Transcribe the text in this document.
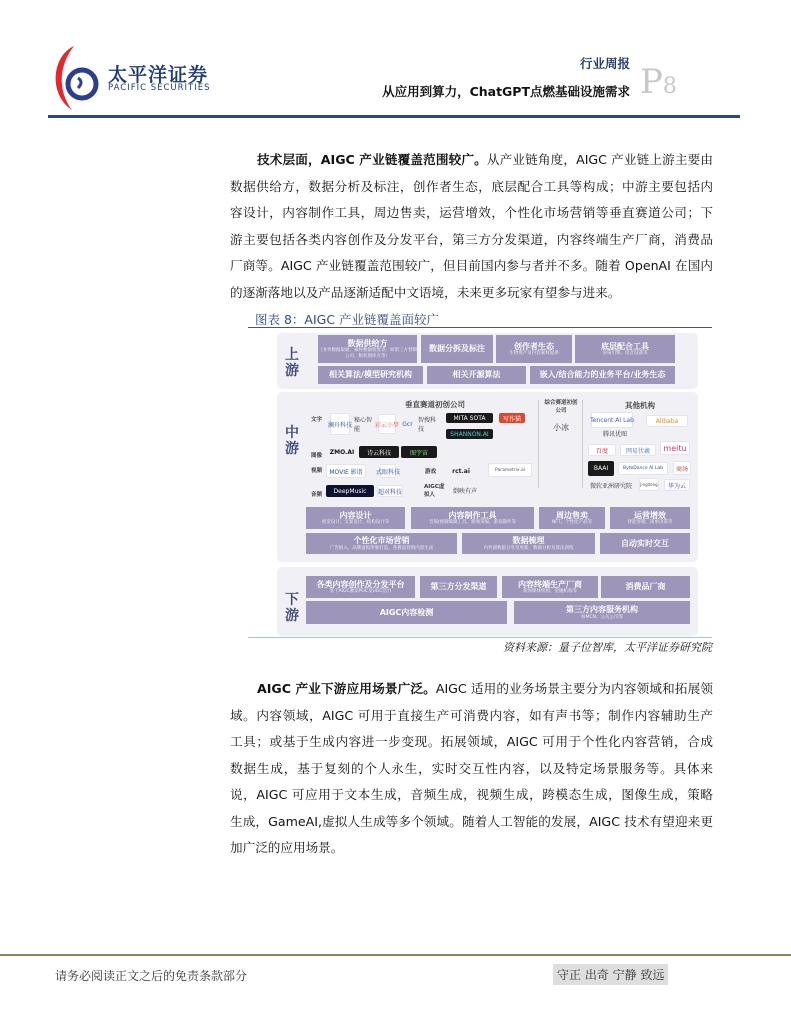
太平洋证券
PACIFIC SECURITIES
行业周报
从应用到算力，ChatGPT点燃基础设施需求 P8
技术层面，AIGC 产业链覆盖范围较广。从产业链角度，AIGC 产业链上游主要由
数据供给方，数据分析及标注，创作者生态，底层配合工具等构成；中游主要包括内
容设计，内容制作工具，周边售卖，运营增效，个性化市场营销等垂直赛道公司；下
游主要包括各类内容创作及分发平台，第三方分发渠道，内容终端生产厂商，消费品
厂商等。AIGC 产业链覆盖范围较广，但目前国内参与者并不多。随着 OpenAI 在国内
的逐渐落地以及产品逐渐适配中文语境，未来更多玩家有望参与进来。
图表 8：AIGC 产业链覆盖面较广
上游
数据供给方
（业务数据取通、素材数据收集等，如第三方替制公司、版权图库方等）
数据分拆及标注	创作者生态
生物资产及内容素材提供
底层配合工具
渲染引擎、语音设备等
相关算法/模型研究机构	相关开源算法	嵌入/结合能力的业务平台/业务生态
中游
垂直赛道初创公司	综合赛道初创公司
其他机构
文字
图像
视频
音频
游戏
AIGC虚拟人
澜舟科技
秘心智能
彩云小梦 Gcr 智搜科技
MITA SOTA
SHANNON.AI
写作猫
ZMO.AI	诗云科技	图宇宙
MOVIE 影谱	式眼科技
DeepMusic	超对科技
rct.ai	Parametrix.ai
倒映有声
小冰
Tencent AI Lab	Alibaba
腾讯优图
百度	网易伏羲	meitu
BAAI	ByteDance AI Lab	商汤
微软亚洲研究院	Jingdong	华为云
内容设计
视觉设计、文案设计、结构设计等
内容制作工具
音频/视频编辑工具、新闻采编、游戏制作等
周边售卖
NFT、个性化产品等
运营增效
智能客服、简单决策等
个性化市场营销
广告植入、品牌虚拟形象打造、各模态营销内容生成
数据梳理
内外部数据分享及更新、数据分析及算法训练
自动实时交互
下游
各类内容创作及分发平台
基于AIGC激发PGC及UGC活力
第三方分发渠道	内容终端生产厂商
新闻媒体机构、金融机构等
消费品厂商
AIGC内容检测	第三方内容服务机构
如MCN、公关公司等
资料来源：量子位智库，太平洋证券研究院
AIGC 产业下游应用场景广泛。AIGC 适用的业务场景主要分为内容领域和拓展领
域。内容领域，AIGC 可用于直接生产可消费内容，如有声书等；制作内容辅助生产
工具；或基于生成内容进一步变现。拓展领域，AIGC 可用于个性化内容营销，合成
数据生成，基于复刻的个人永生，实时交互性内容，以及特定场景服务等。具体来
说，AIGC 可应用于文本生成，音频生成，视频生成，跨模态生成，图像生成，策略
生成，GameAI,虚拟人生成等多个领域。随着人工智能的发展，AIGC 技术有望迎来更
加广泛的应用场景。
请务必阅读正文之后的免责条款部分	守正 出奇 宁静 致远
